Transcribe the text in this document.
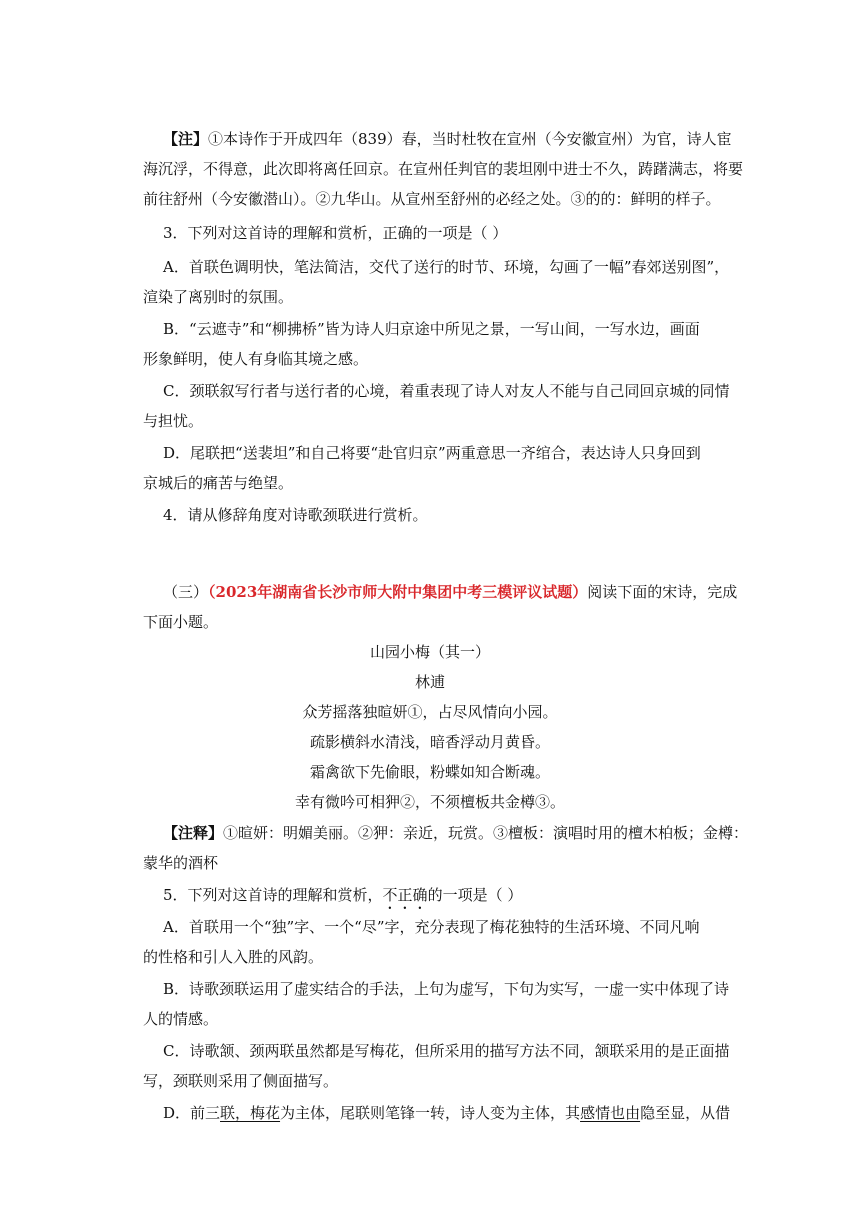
【注】①本诗作于开成四年（839）春，当时杜牧在宣州（今安徽宣州）为官，诗人宦
海沉浮，不得意，此次即将离任回京。在宣州任判官的裴坦刚中进士不久，踌躇满志，将要
前往舒州（今安徽潜山）。②九华山。从宣州至舒州的必经之处。③的的：鲜明的样子。
3．下列对这首诗的理解和赏析，正确的一项是（ ）
A．首联色调明快，笔法简洁，交代了送行的时节、环境，勾画了一幅”春郊送别图”，
渲染了离别时的氛围。
B．“云遮寺”和“柳拂桥”皆为诗人归京途中所见之景，一写山间，一写水边，画面
形象鲜明，使人有身临其境之感。
C．颈联叙写行者与送行者的心境，着重表现了诗人对友人不能与自己同回京城的同情
与担忧。
D．尾联把“送裴坦”和自己将要“赴官归京”两重意思一齐绾合，表达诗人只身回到
京城后的痛苦与绝望。
4．请从修辞角度对诗歌颈联进行赏析。
（三）（2023年湖南省长沙市师大附中集团中考三模评议试题）阅读下面的宋诗，完成
下面小题。
山园小梅（其一）
林逋
众芳摇落独暄妍①，占尽风情向小园。
疏影横斜水清浅，暗香浮动月黄昏。
霜禽欲下先偷眼，粉蝶如知合断魂。
幸有微吟可相狎②，不须檀板共金樽③。
【注释】①暄妍：明媚美丽。②狎：亲近，玩赏。③檀板：演唱时用的檀木柏板；金樽：
蒙华的酒杯
5．下列对这首诗的理解和赏析，不正确的一项是（ ）
A．首联用一个“独”字、一个“尽”字，充分表现了梅花独特的生活环境、不同凡响
的性格和引人入胜的风韵。
B．诗歌颈联运用了虚实结合的手法，上句为虚写，下句为实写，一虚一实中体现了诗
人的情感。
C．诗歌颔、颈两联虽然都是写梅花，但所采用的描写方法不同，颔联采用的是正面描
写，颈联则采用了侧面描写。
D．前三联，梅花为主体，尾联则笔锋一转，诗人变为主体，其感情也由隐至显，从借
